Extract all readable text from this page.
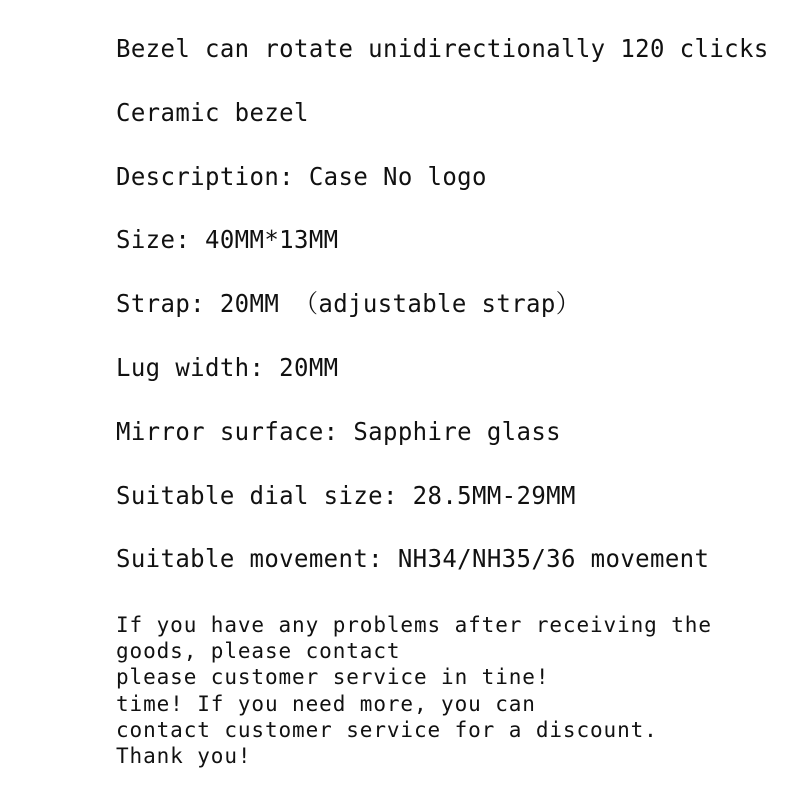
Bezel can rotate unidirectionally 120 clicks
Ceramic bezel
Description: Case No logo
Size: 40MM*13MM
Strap: 20MM （adjustable strap）
Lug width: 20MM
Mirror surface: Sapphire glass
Suitable dial size: 28.5MM-29MM
Suitable movement: NH34/NH35/36 movement
If you have any problems after receiving the
goods, please contact
please customer service in tine!
time! If you need more, you can
contact customer service for a discount.
Thank you!
